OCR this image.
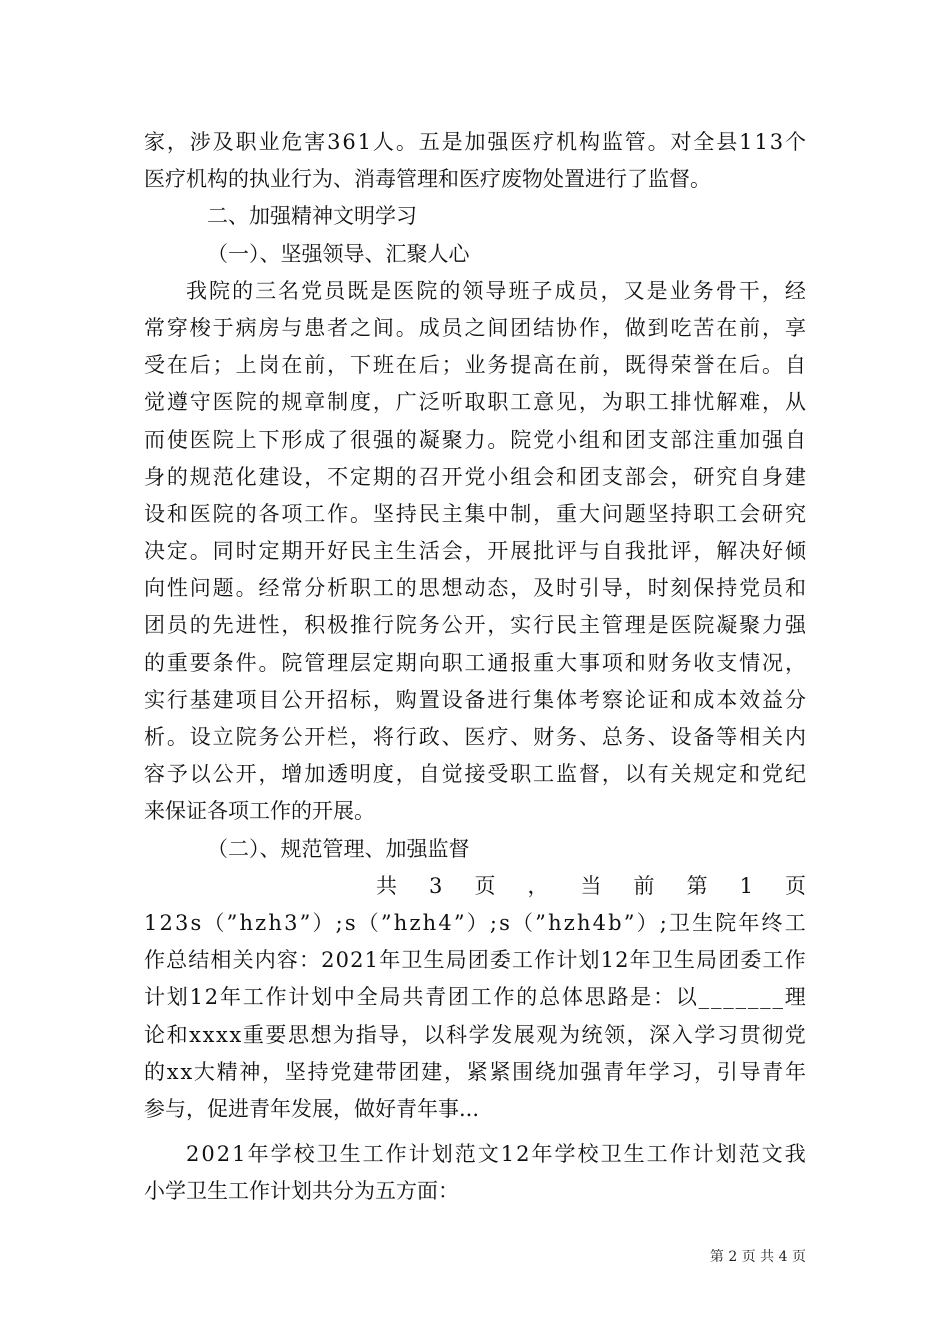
家 ， 涉 及 职 业 危 害 3 6 1 人 。 五 是 加 强 医 疗 机 构 监 管 。 对 全 县 1 1 3 个
医疗机构的执业行为、消毒管理和医疗废物处置进行了监督。
二、加强精神文明学习
（一）、坚强领导、汇聚人心
我 院 的 三 名 党 员 既 是 医 院 的 领 导 班 子 成 员 ， 又 是 业 务 骨 干 ， 经
常 穿 梭 于 病 房 与 患 者 之 间 。 成 员 之 间 团 结 协 作 ， 做 到 吃 苦 在 前 ， 享
受 在 后 ； 上 岗 在 前 ， 下 班 在 后 ； 业 务 提 高 在 前 ， 既 得 荣 誉 在 后 。 自
觉 遵 守 医 院 的 规 章 制 度 ， 广 泛 听 取 职 工 意 见 ， 为 职 工 排 忧 解 难 ， 从
而 使 医 院 上 下 形 成 了 很 强 的 凝 聚 力 。 院 党 小 组 和 团 支 部 注 重 加 强 自
身 的 规 范 化 建 设 ， 不 定 期 的 召 开 党 小 组 会 和 团 支 部 会 ， 研 究 自 身 建
设 和 医 院 的 各 项 工 作 。 坚 持 民 主 集 中 制 ， 重 大 问 题 坚 持 职 工 会 研 究
决 定 。 同 时 定 期 开 好 民 主 生 活 会 ， 开 展 批 评 与 自 我 批 评 ， 解 决 好 倾
向 性 问 题 。 经 常 分 析 职 工 的 思 想 动 态 ， 及 时 引 导 ， 时 刻 保 持 党 员 和
团 员 的 先 进 性 ， 积 极 推 行 院 务 公 开 ， 实 行 民 主 管 理 是 医 院 凝 聚 力 强
的 重 要 条 件 。 院 管 理 层 定 期 向 职 工 通 报 重 大 事 项 和 财 务 收 支 情 况 ，
实 行 基 建 项 目 公 开 招 标 ， 购 置 设 备 进 行 集 体 考 察 论 证 和 成 本 效 益 分
析 。 设 立 院 务 公 开 栏 ， 将 行 政 、 医 疗 、 财 务 、 总 务 、 设 备 等 相 关 内
容 予 以 公 开 ， 增 加 透 明 度 ， 自 觉 接 受 职 工 监 督 ， 以 有 关 规 定 和 党 纪
来保证各项工作的开展。
（二）、规范管理、加强监督
共 3 页 ， 当 前 第 1 页
1 2 3 s （ ” h z h 3 ” ） ; s （ ” h z h 4 ” ） ; s （ ” h z h 4 b ” ） ; 卫 生 院 年 终 工
作 总 结 相 关 内 容 ： 2 0 2 1 年 卫 生 局 团 委 工 作 计 划 1 2 年 卫 生 局 团 委 工 作
计 划 1 2 年 工 作 计 划 中 全 局 共 青 团 工 作 的 总 体 思 路 是 ： 以 _ _ _ _ _ _ _ 理
论 和 x x x x 重 要 思 想 为 指 导 ， 以 科 学 发 展 观 为 统 领 ， 深 入 学 习 贯 彻 党
的 x x 大 精 神 ， 坚 持 党 建 带 团 建 ， 紧 紧 围 绕 加 强 青 年 学 习 ， 引 导 青 年
参与，促进青年发展，做好青年事...
2 0 2 1 年 学 校 卫 生 工 作 计 划 范 文 1 2 年 学 校 卫 生 工 作 计 划 范 文 我
小学卫生工作计划共分为五方面：
第 2 页 共 4 页
